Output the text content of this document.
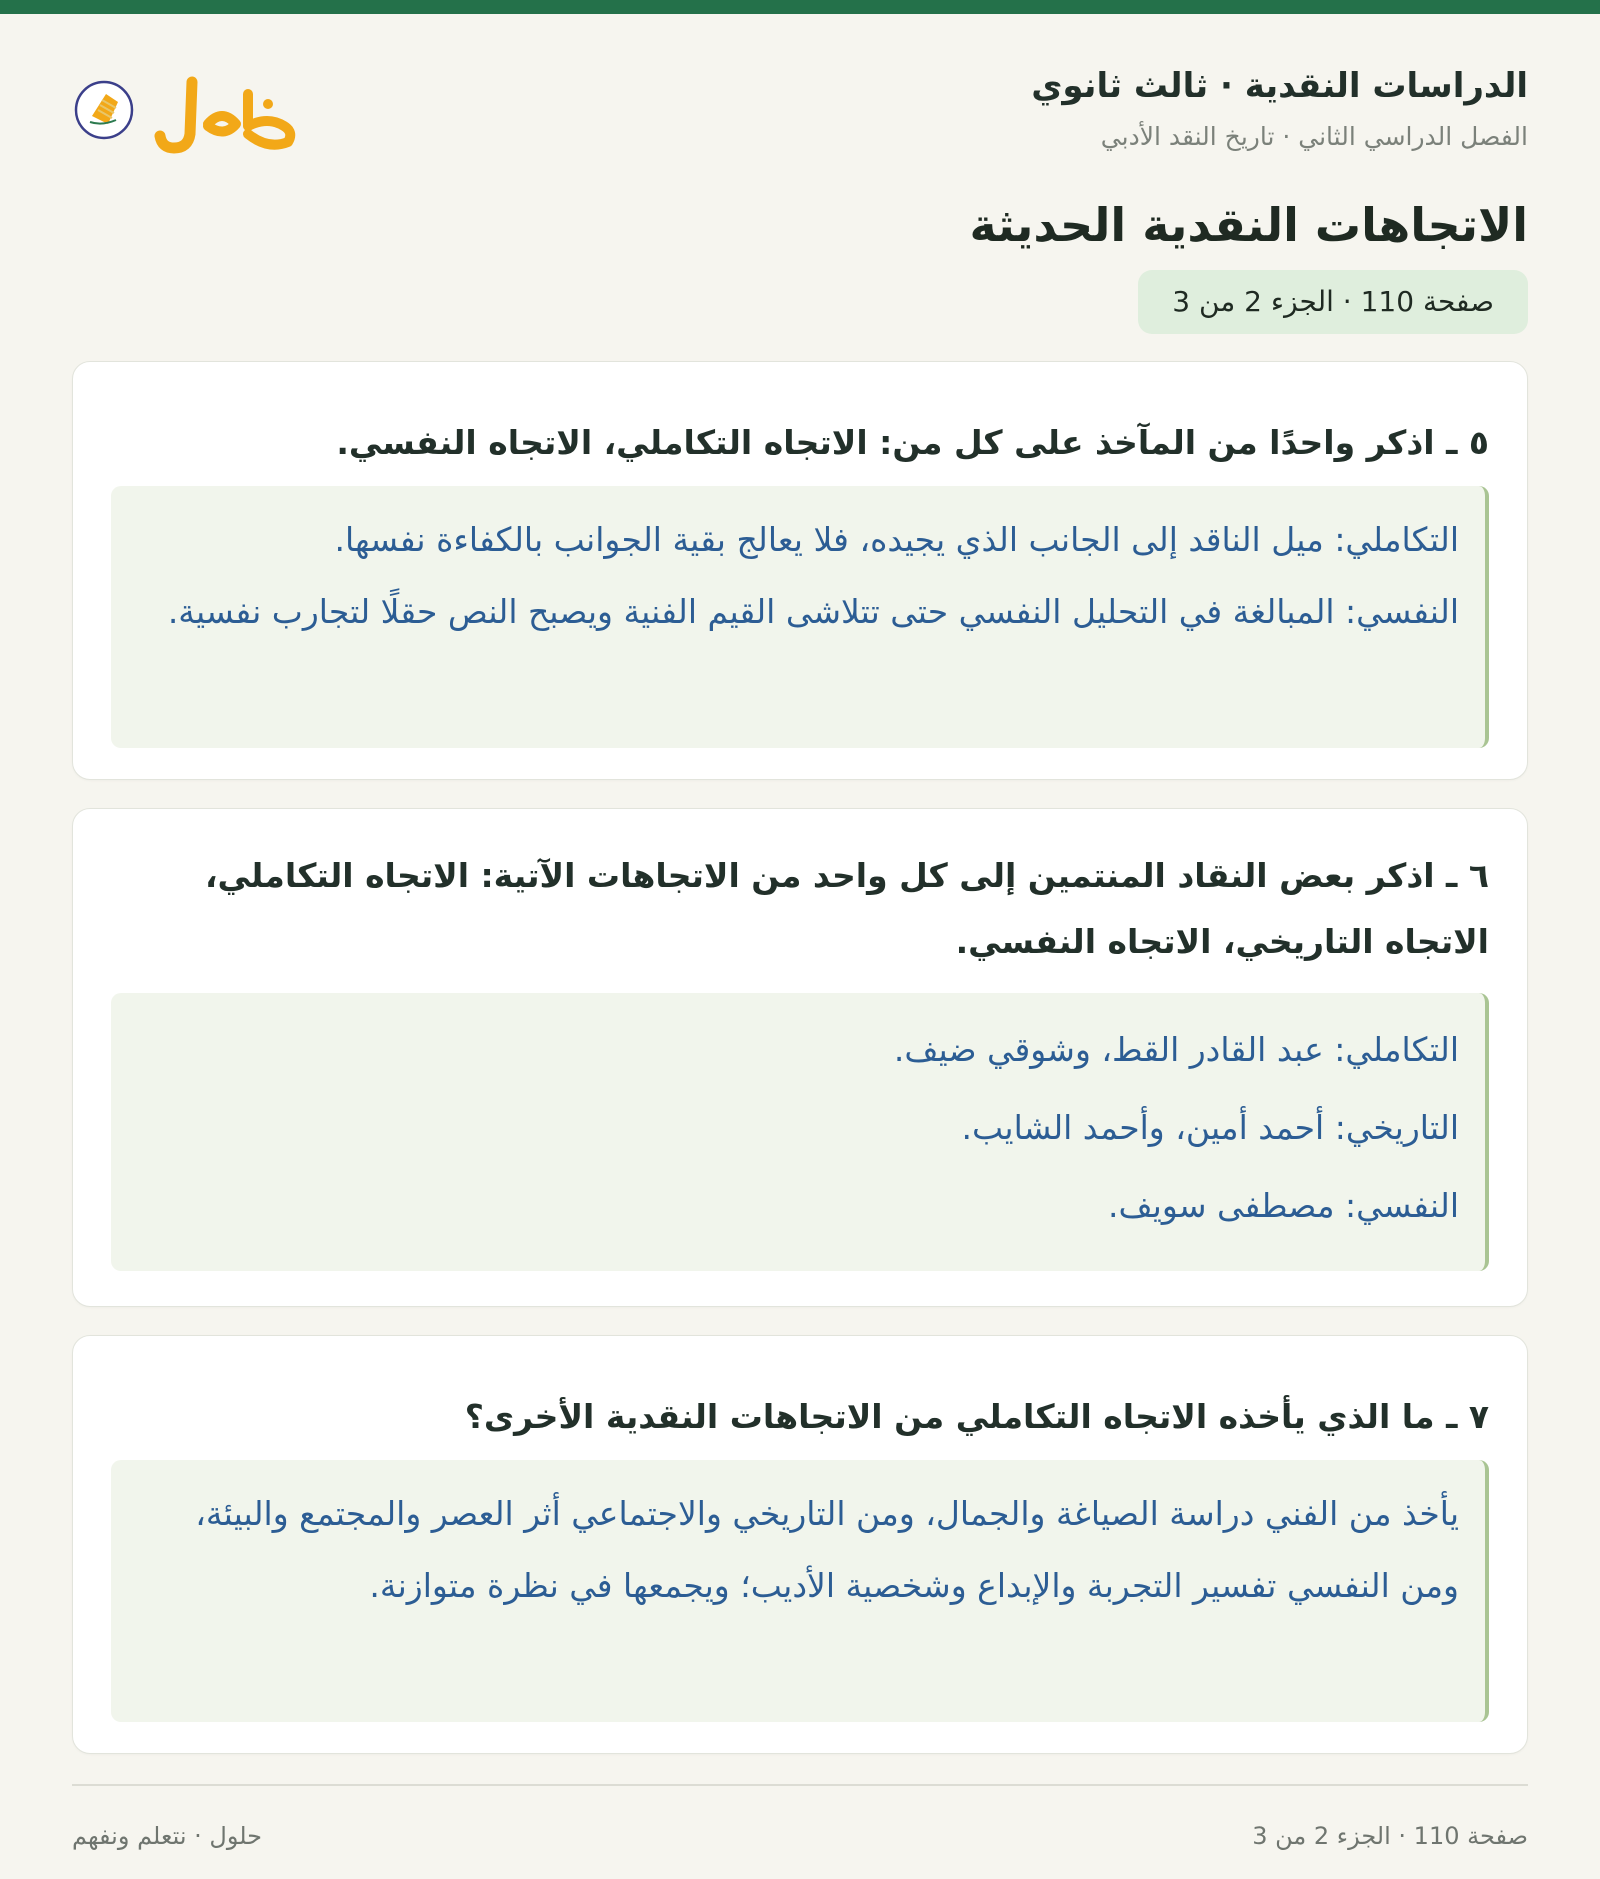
الدراسات النقدية · ثالث ثانوي
الفصل الدراسي الثاني · تاريخ النقد الأدبي
الاتجاهات النقدية الحديثة
صفحة 110 · الجزء 2 من 3
٥ ـ اذكر واحدًا من المآخذ على كل من: الاتجاه التكاملي، الاتجاه النفسي.
التكاملي: ميل الناقد إلى الجانب الذي يجيده، فلا يعالج بقية الجوانب بالكفاءة نفسها.
النفسي: المبالغة في التحليل النفسي حتى تتلاشى القيم الفنية ويصبح النص حقلًا لتجارب نفسية.
٦ ـ اذكر بعض النقاد المنتمين إلى كل واحد من الاتجاهات الآتية: الاتجاه التكاملي، الاتجاه التاريخي، الاتجاه النفسي.
التكاملي: عبد القادر القط، وشوقي ضيف.
التاريخي: أحمد أمين، وأحمد الشايب.
النفسي: مصطفى سويف.
٧ ـ ما الذي يأخذه الاتجاه التكاملي من الاتجاهات النقدية الأخرى؟
يأخذ من الفني دراسة الصياغة والجمال، ومن التاريخي والاجتماعي أثر العصر والمجتمع والبيئة، ومن النفسي تفسير التجربة والإبداع وشخصية الأديب؛ ويجمعها في نظرة متوازنة.
صفحة 110 · الجزء 2 من 3
حلول · نتعلم ونفهم
